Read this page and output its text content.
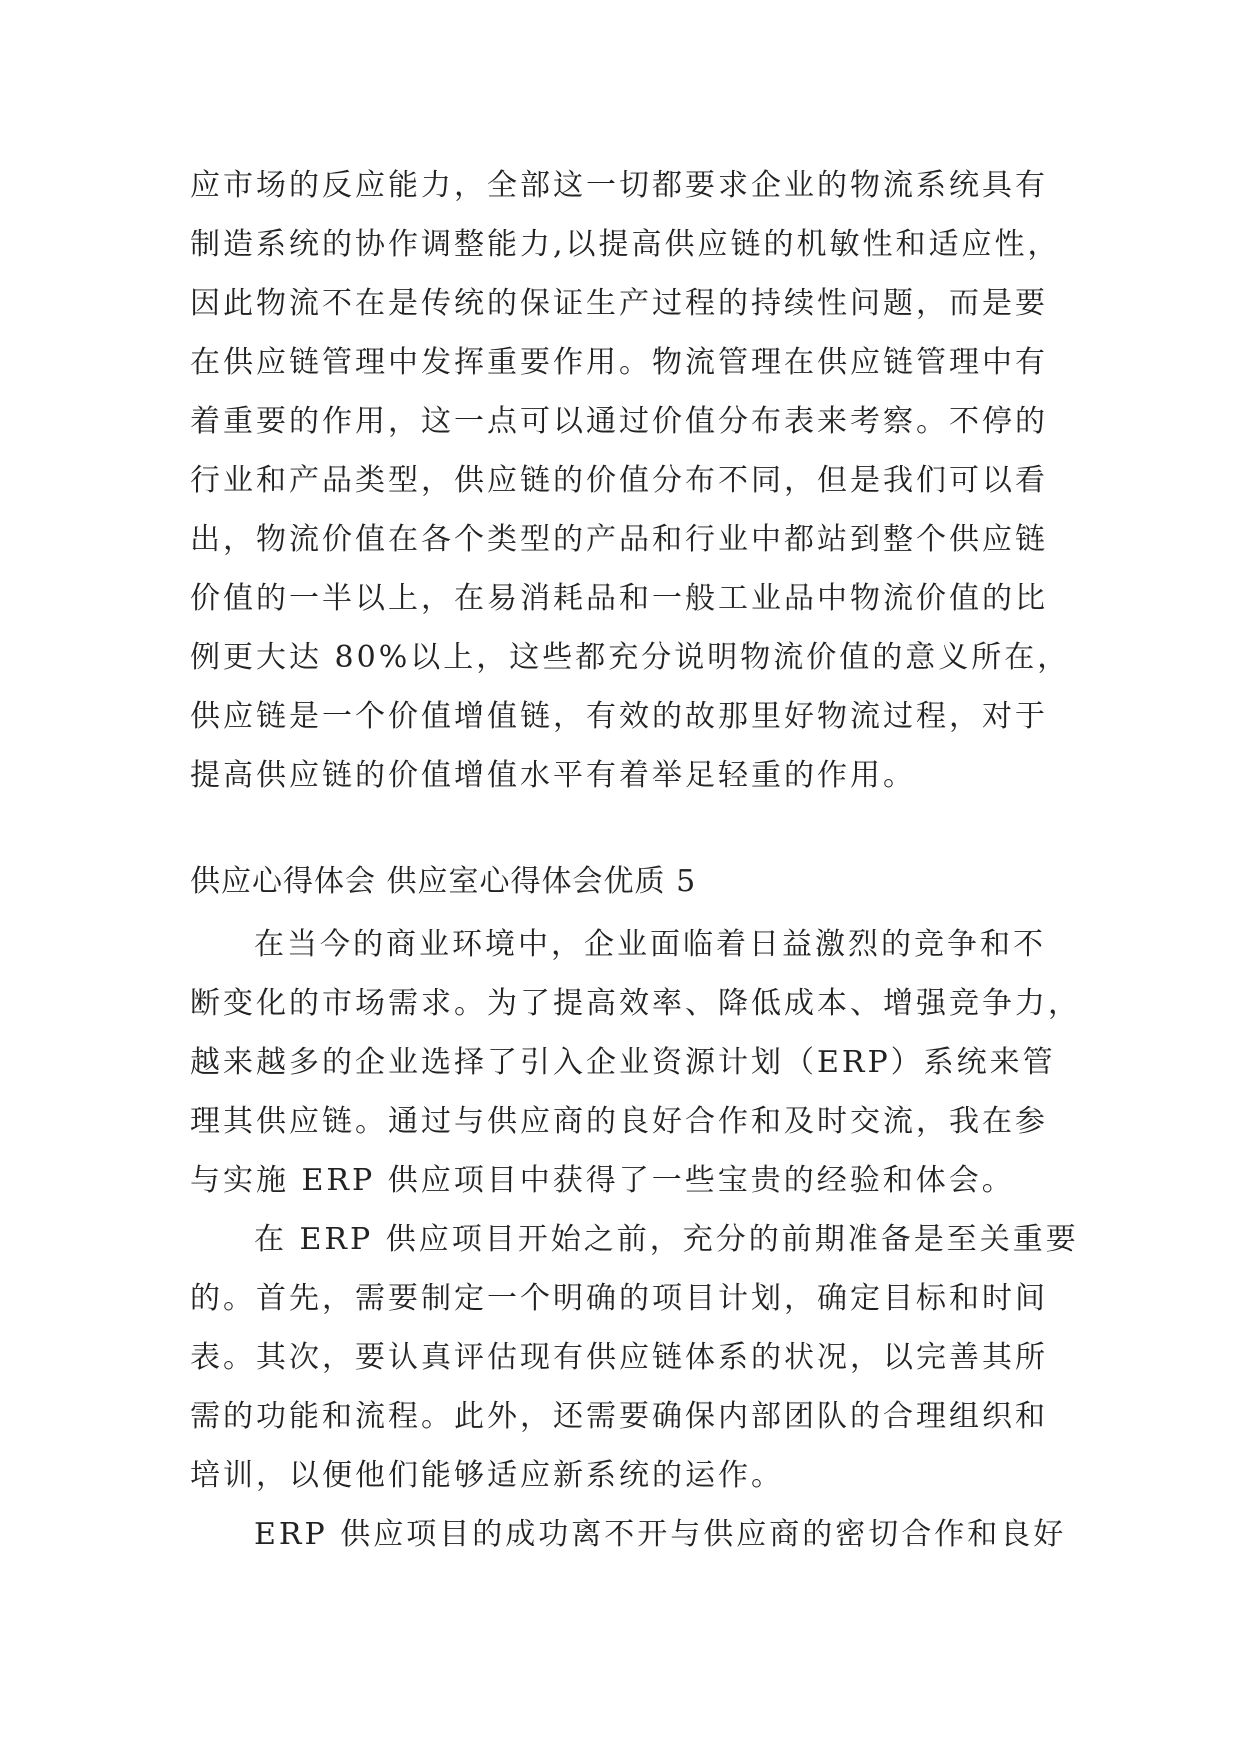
应市场的反应能力，全部这一切都要求企业的物流系统具有
制造系统的协作调整能力,以提高供应链的机敏性和适应性，
因此物流不在是传统的保证生产过程的持续性问题，而是要
在供应链管理中发挥重要作用。物流管理在供应链管理中有
着重要的作用，这一点可以通过价值分布表来考察。不停的
行业和产品类型，供应链的价值分布不同，但是我们可以看
出，物流价值在各个类型的产品和行业中都站到整个供应链
价值的一半以上，在易消耗品和一般工业品中物流价值的比
例更大达 80%以上，这些都充分说明物流价值的意义所在，
供应链是一个价值增值链，有效的故那里好物流过程，对于
提高供应链的价值增值水平有着举足轻重的作用。
供应心得体会 供应室心得体会优质 5
在当今的商业环境中，企业面临着日益激烈的竞争和不
断变化的市场需求。为了提高效率、降低成本、增强竞争力，
越来越多的企业选择了引入企业资源计划（ERP）系统来管
理其供应链。通过与供应商的良好合作和及时交流，我在参
与实施 ERP 供应项目中获得了一些宝贵的经验和体会。
在 ERP 供应项目开始之前，充分的前期准备是至关重要
的。首先，需要制定一个明确的项目计划，确定目标和时间
表。其次，要认真评估现有供应链体系的状况，以完善其所
需的功能和流程。此外，还需要确保内部团队的合理组织和
培训，以便他们能够适应新系统的运作。
ERP 供应项目的成功离不开与供应商的密切合作和良好
